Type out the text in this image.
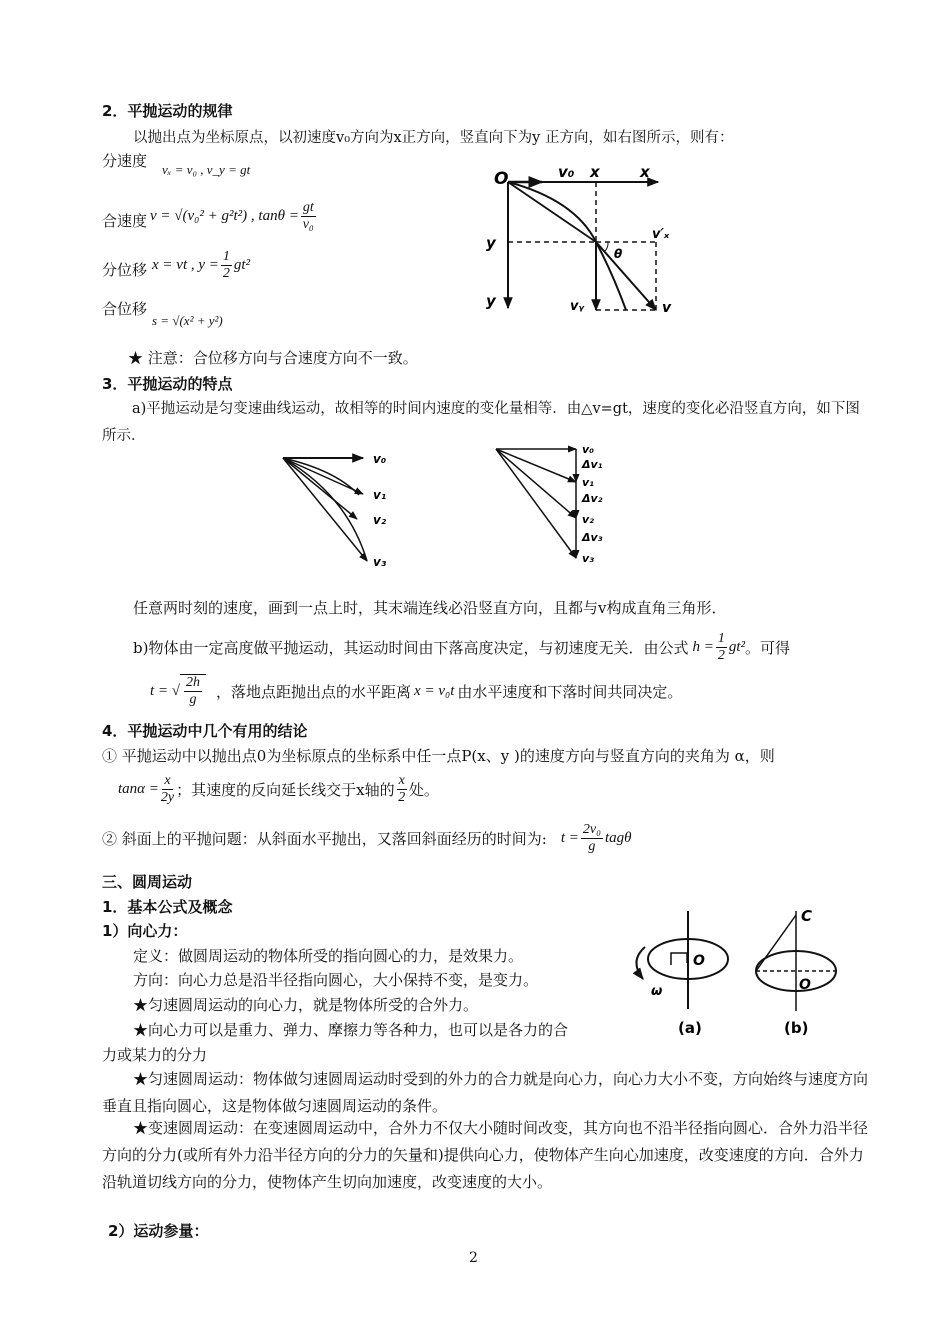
2．平抛运动的规律
以抛出点为坐标原点，以初速度v₀方向为x正方向，竖直向下为y 正方向，如右图所示，则有：
分速度 vₓ = v₀ , v_y = gt
合速度 v = √(v₀² + g²t²) , $\tan\theta = \frac{gt}{\text{v₀}}$
分位移 x = vt , $y = \frac{1}{2} gt^2$
合位移
s = √(x² + y²)
★ 注意：合位移方向与合速度方向不一致。
O	v₀ x	x
v′ₓ
y
y
θ
vᵧ	v
3．平抛运动的特点
a)平抛运动是匀变速曲线运动，故相等的时间内速度的变化量相等．由△v=gt，速度的变化必沿竖直方向，如下图所示．
v₀
v₁
v₂
v₃
v₀
Δv₁
v₁
Δv₂
v₂
Δv₃
v₃
任意两时刻的速度，画到一点上时，其末端连线必沿竖直方向，且都与v构成直角三角形．
b)物体由一定高度做平抛运动，其运动时间由下落高度决定，与初速度无关．由公式 $h = \frac{1}{2} gt^2$ 。可得
t = √ $\frac{2h}{g}$ ，落地点距抛出点的水平距离 x = v₀t 由水平速度和下落时间共同决定。
4．平抛运动中几个有用的结论
① 平抛运动中以抛出点0为坐标原点的坐标系中任一点P(x、y )的速度方向与竖直方向的夹角为 α，则
$\tan\alpha = \frac{x}{2y}$ ；其速度的反向延长线交于x轴的 $\frac{x}{2}$ 处。
② 斜面上的平抛问题：从斜面水平抛出，又落回斜面经历的时间为: $t = \frac{\text{2v₀}}{g}$ tagθ
三、圆周运动
1．基本公式及概念
1）向心力：
定义：做圆周运动的物体所受的指向圆心的力，是效果力。
方向：向心力总是沿半径指向圆心，大小保持不变，是变力。
★匀速圆周运动的向心力，就是物体所受的合外力。
★向心力可以是重力、弹力、摩擦力等各种力，也可以是各力的合
力或某力的分力
★匀速圆周运动：物体做匀速圆周运动时受到的外力的合力就是向心力，向心力大小不变，方向始终与速度方向垂直且指向圆心，这是物体做匀速圆周运动的条件。
★变速圆周运动：在变速圆周运动中，合外力不仅大小随时间改变，其方向也不沿半径指向圆心．合外力沿半径方向的分力(或所有外力沿半径方向的分力的矢量和)提供向心力，使物体产生向心加速度，改变速度的方向．合外力沿轨道切线方向的分力，使物体产生切向加速度，改变速度的大小。
2）运动参量：
O
ω
(a)
C
O
(b)
2
